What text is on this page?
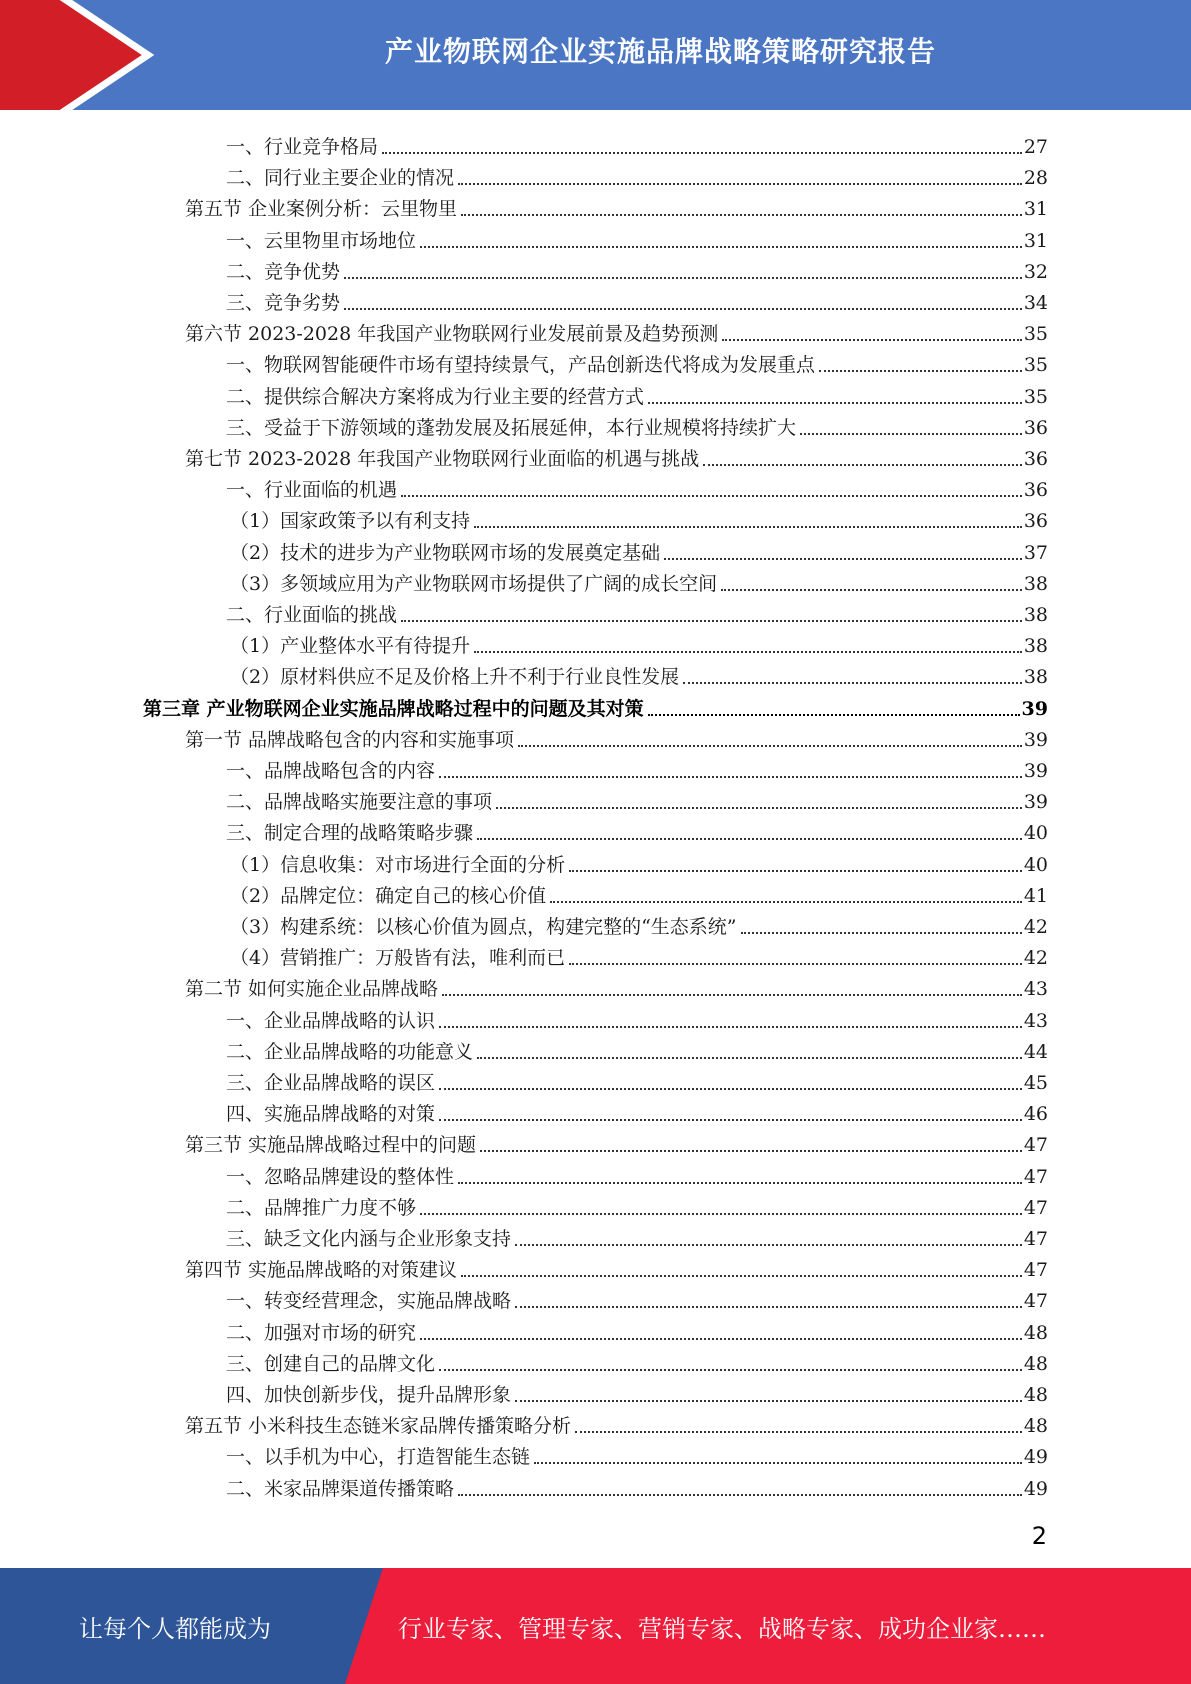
产业物联网企业实施品牌战略策略研究报告
一、行业竞争格局	27
二、同行业主要企业的情况	28
第五节 企业案例分析：云里物里	31
一、云里物里市场地位	31
二、竞争优势	32
三、竞争劣势	34
第六节 2023-2028 年我国产业物联网行业发展前景及趋势预测	35
一、物联网智能硬件市场有望持续景气，产品创新迭代将成为发展重点	35
二、提供综合解决方案将成为行业主要的经营方式	35
三、受益于下游领域的蓬勃发展及拓展延伸，本行业规模将持续扩大	36
第七节 2023-2028 年我国产业物联网行业面临的机遇与挑战	36
一、行业面临的机遇	36
（1）国家政策予以有利支持	36
（2）技术的进步为产业物联网市场的发展奠定基础	37
（3）多领域应用为产业物联网市场提供了广阔的成长空间	38
二、行业面临的挑战	38
（1）产业整体水平有待提升	38
（2）原材料供应不足及价格上升不利于行业良性发展	38
第三章 产业物联网企业实施品牌战略过程中的问题及其对策	39
第一节 品牌战略包含的内容和实施事项	39
一、品牌战略包含的内容	39
二、品牌战略实施要注意的事项	39
三、制定合理的战略策略步骤	40
（1）信息收集：对市场进行全面的分析	40
（2）品牌定位：确定自己的核心价值	41
（3）构建系统：以核心价值为圆点，构建完整的“生态系统”	42
（4）营销推广：万般皆有法，唯利而已	42
第二节 如何实施企业品牌战略	43
一、企业品牌战略的认识	43
二、企业品牌战略的功能意义	44
三、企业品牌战略的误区	45
四、实施品牌战略的对策	46
第三节 实施品牌战略过程中的问题	47
一、忽略品牌建设的整体性	47
二、品牌推广力度不够	47
三、缺乏文化内涵与企业形象支持	47
第四节 实施品牌战略的对策建议	47
一、转变经营理念，实施品牌战略	47
二、加强对市场的研究	48
三、创建自己的品牌文化	48
四、加快创新步伐，提升品牌形象	48
第五节 小米科技生态链米家品牌传播策略分析	48
一、以手机为中心，打造智能生态链	49
二、米家品牌渠道传播策略	49
2
让每个人都能成为	行业专家、管理专家、营销专家、战略专家、成功企业家……
